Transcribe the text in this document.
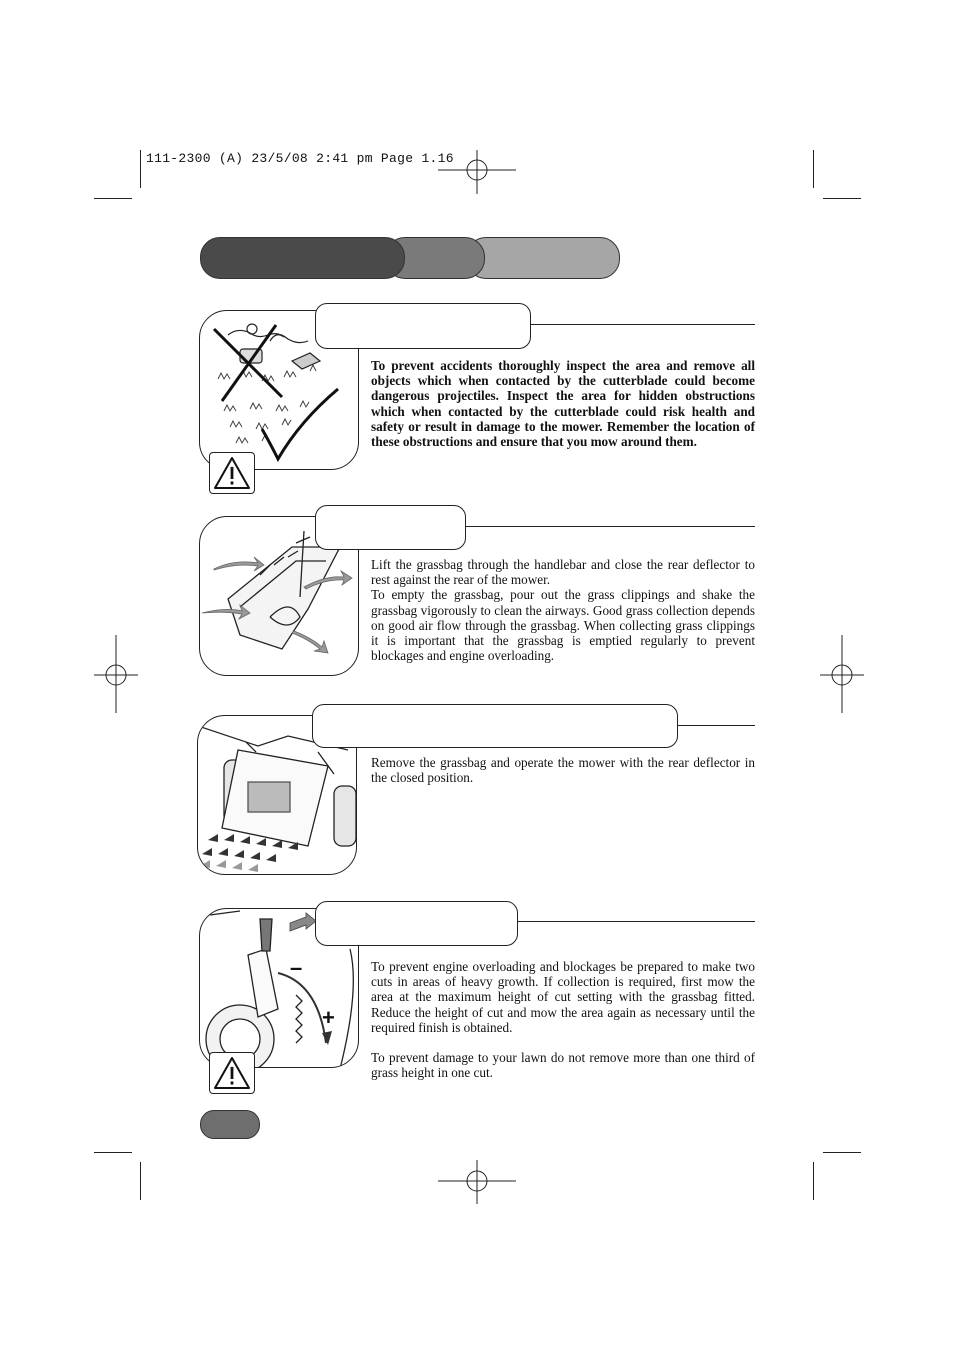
111-2300 (A) 23/5/08 2:41 pm Page 1.16
To prevent accidents thoroughly inspect the area and remove all objects which when contacted by the cutterblade could become dangerous projectiles. Inspect the area for hidden obstructions which when contacted by the cutterblade could risk health and safety or result in damage to the mower. Remember the location of these obstructions and ensure that you mow around them.

Lift the grassbag through the handlebar and close the rear deflector to rest against the rear of the mower.

To empty the grassbag, pour out the grass clippings and shake the grassbag vigorously to clean the airways. Good grass collection depends on good air flow through the grassbag. When collecting grass clippings it is important that the grassbag is emptied regularly to prevent blockages and engine overloading.

Remove the grassbag and operate the mower with the rear deflector in the closed position.

–
+

To prevent engine overloading and blockages be prepared to make two cuts in areas of heavy growth. If collection is required, first mow the area at the maximum height of cut setting with the grassbag fitted. Reduce the height of cut and mow the area again as necessary until the required finish is obtained.

To prevent damage to your lawn do not remove more than one third of grass height in one cut.
